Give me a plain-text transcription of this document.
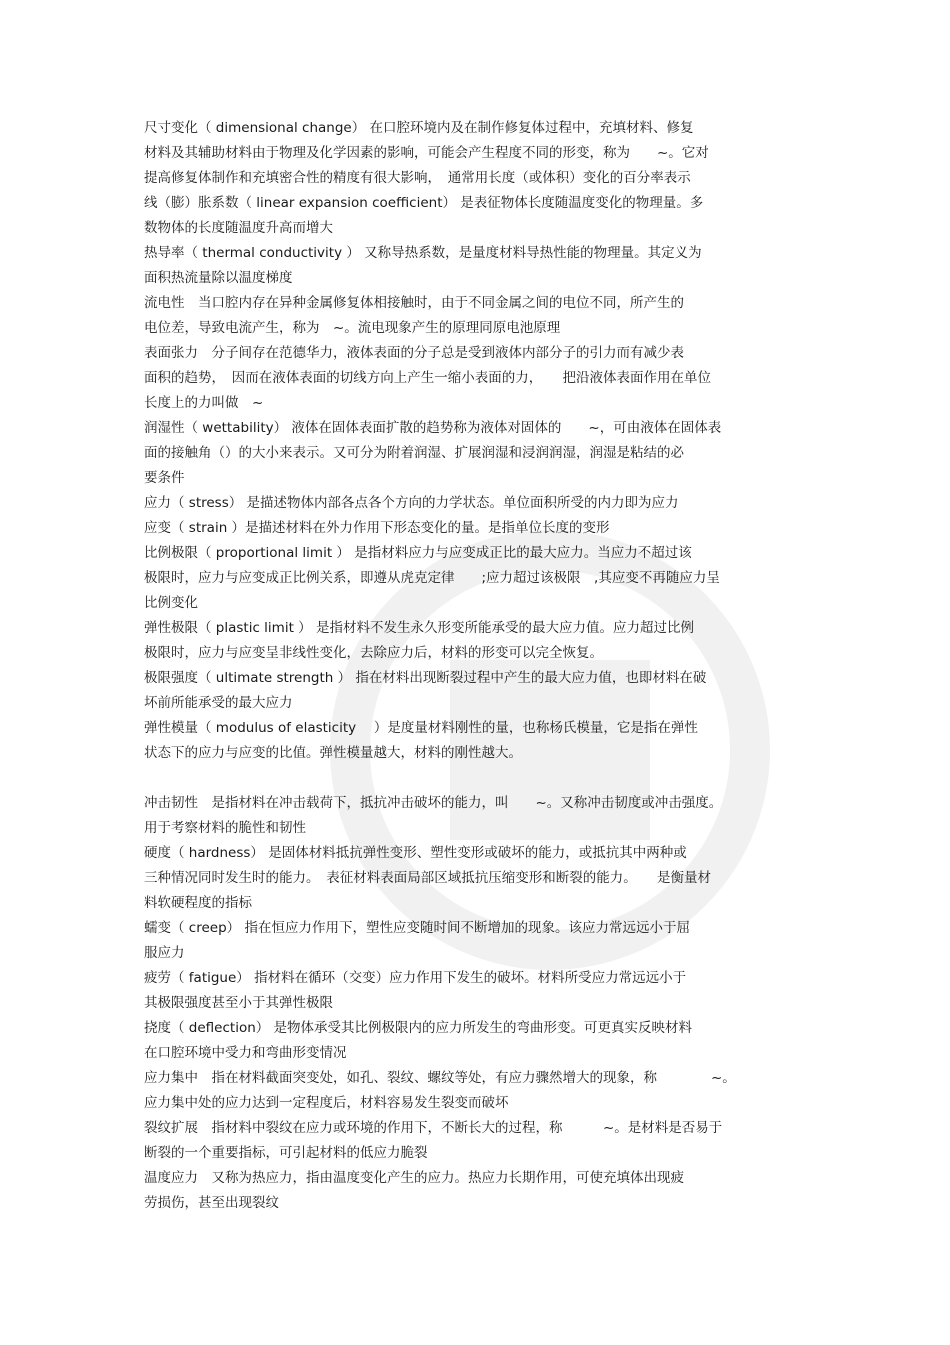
尺寸变化（ dimensional change） 在口腔环境内及在制作修复体过程中，充填材料、修复
材料及其辅助材料由于物理及化学因素的影响，可能会产生程度不同的形变，称为　　~。它对
提高修复体制作和充填密合性的精度有很大影响，　通常用长度（或体积）变化的百分率表示
线（膨）胀系数（ linear expansion coefficient） 是表征物体长度随温度变化的物理量。多
数物体的长度随温度升高而增大
热导率（ thermal conductivity ） 又称导热系数，是量度材料导热性能的物理量。其定义为
面积热流量除以温度梯度
流电性　当口腔内存在异种金属修复体相接触时，由于不同金属之间的电位不同，所产生的
电位差，导致电流产生，称为　~。流电现象产生的原理同原电池原理
表面张力　分子间存在范德华力，液体表面的分子总是受到液体内部分子的引力而有减少表
面积的趋势，　因而在液体表面的切线方向上产生一缩小表面的力，　　把沿液体表面作用在单位
长度上的力叫做　~
润湿性（ wettability） 液体在固体表面扩散的趋势称为液体对固体的　　~，可由液体在固体表
面的接触角（）的大小来表示。又可分为附着润湿、扩展润湿和浸润润湿，润湿是粘结的必
要条件
应力（ stress） 是描述物体内部各点各个方向的力学状态。单位面积所受的内力即为应力
应变（ strain ）是描述材料在外力作用下形态变化的量。是指单位长度的变形
比例极限（ proportional limit ） 是指材料应力与应变成正比的最大应力。当应力不超过该
极限时，应力与应变成正比例关系，即遵从虎克定律　　;应力超过该极限　,其应变不再随应力呈
比例变化
弹性极限（ plastic limit ） 是指材料不发生永久形变所能承受的最大应力值。应力超过比例
极限时，应力与应变呈非线性变化，去除应力后，材料的形变可以完全恢复。
极限强度（ ultimate strength ） 指在材料出现断裂过程中产生的最大应力值，也即材料在破
坏前所能承受的最大应力
弹性模量（ modulus of elasticity　 ）是度量材料刚性的量，也称杨氏模量，它是指在弹性
状态下的应力与应变的比值。弹性模量越大，材料的刚性越大。
冲击韧性　是指材料在冲击载荷下，抵抗冲击破坏的能力，叫　　~。又称冲击韧度或冲击强度。
用于考察材料的脆性和韧性
硬度（ hardness） 是固体材料抵抗弹性变形、塑性变形或破坏的能力，或抵抗其中两种或
三种情况同时发生时的能力。　表征材料表面局部区域抵抗压缩变形和断裂的能力。　　是衡量材
料软硬程度的指标
蠕变（ creep） 指在恒应力作用下，塑性应变随时间不断增加的现象。该应力常远远小于屈
服应力
疲劳（ fatigue） 指材料在循环（交变）应力作用下发生的破坏。材料所受应力常远远小于
其极限强度甚至小于其弹性极限
挠度（ deflection） 是物体承受其比例极限内的应力所发生的弯曲形变。可更真实反映材料
在口腔环境中受力和弯曲形变情况
应力集中　指在材料截面突变处，如孔、裂纹、螺纹等处，有应力骤然增大的现象，称　　　　~。
应力集中处的应力达到一定程度后，材料容易发生裂变而破坏
裂纹扩展　指材料中裂纹在应力或环境的作用下，不断长大的过程，称　　　~。是材料是否易于
断裂的一个重要指标，可引起材料的低应力脆裂
温度应力　又称为热应力，指由温度变化产生的应力。热应力长期作用，可使充填体出现疲
劳损伤，甚至出现裂纹
